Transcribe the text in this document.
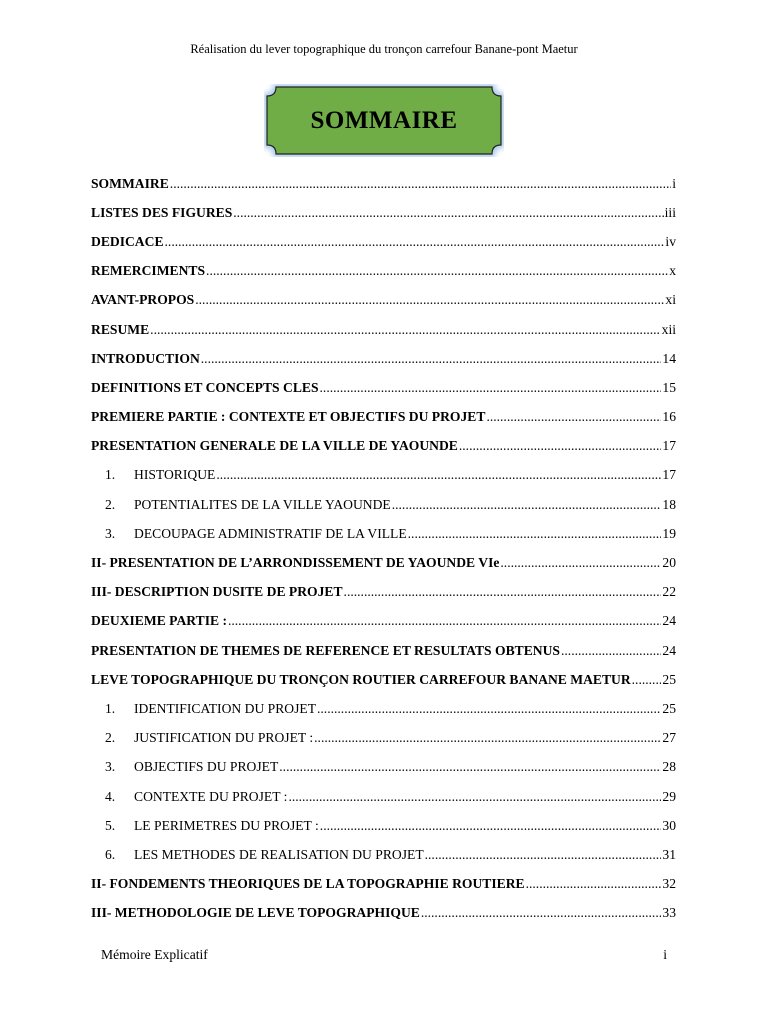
Réalisation du lever topographique du tronçon carrefour Banane-pont Maetur
SOMMAIRE
SOMMAIRE .....	i
LISTES DES FIGURES .....	iii
DEDICACE .....	iv
REMERCIMENTS .....	x
AVANT-PROPOS .....	xi
RESUME .....	xii
INTRODUCTION .....	14
DEFINITIONS ET CONCEPTS CLES .....	15
PREMIERE PARTIE : CONTEXTE ET OBJECTIFS DU PROJET .....	16
PRESENTATION GENERALE DE LA VILLE DE YAOUNDE .....	17
1.	HISTORIQUE .....	17
2.	POTENTIALITES DE LA VILLE YAOUNDE .....	18
3.	DECOUPAGE ADMINISTRATIF DE LA VILLE .....	19
II- PRESENTATION DE L’ARRONDISSEMENT DE YAOUNDE VIe .....	20
III- DESCRIPTION DUSITE DE PROJET .....	22
DEUXIEME PARTIE : .....	24
PRESENTATION DE THEMES DE REFERENCE ET RESULTATS OBTENUS .....	24
LEVE TOPOGRAPHIQUE DU TRONÇON ROUTIER CARREFOUR BANANE MAETUR ..... 25
1.	IDENTIFICATION DU PROJET .....	25
2.	JUSTIFICATION DU PROJET : .....	27
3.	OBJECTIFS DU PROJET .....	28
4.	CONTEXTE DU PROJET : .....	29
5.	LE PERIMETRES DU PROJET : .....	30
6.	LES METHODES DE REALISATION DU PROJET .....	31
II- FONDEMENTS THEORIQUES DE LA TOPOGRAPHIE ROUTIERE .....	32
III- METHODOLOGIE DE LEVE TOPOGRAPHIQUE .....	33
Mémoire Explicatif	i
